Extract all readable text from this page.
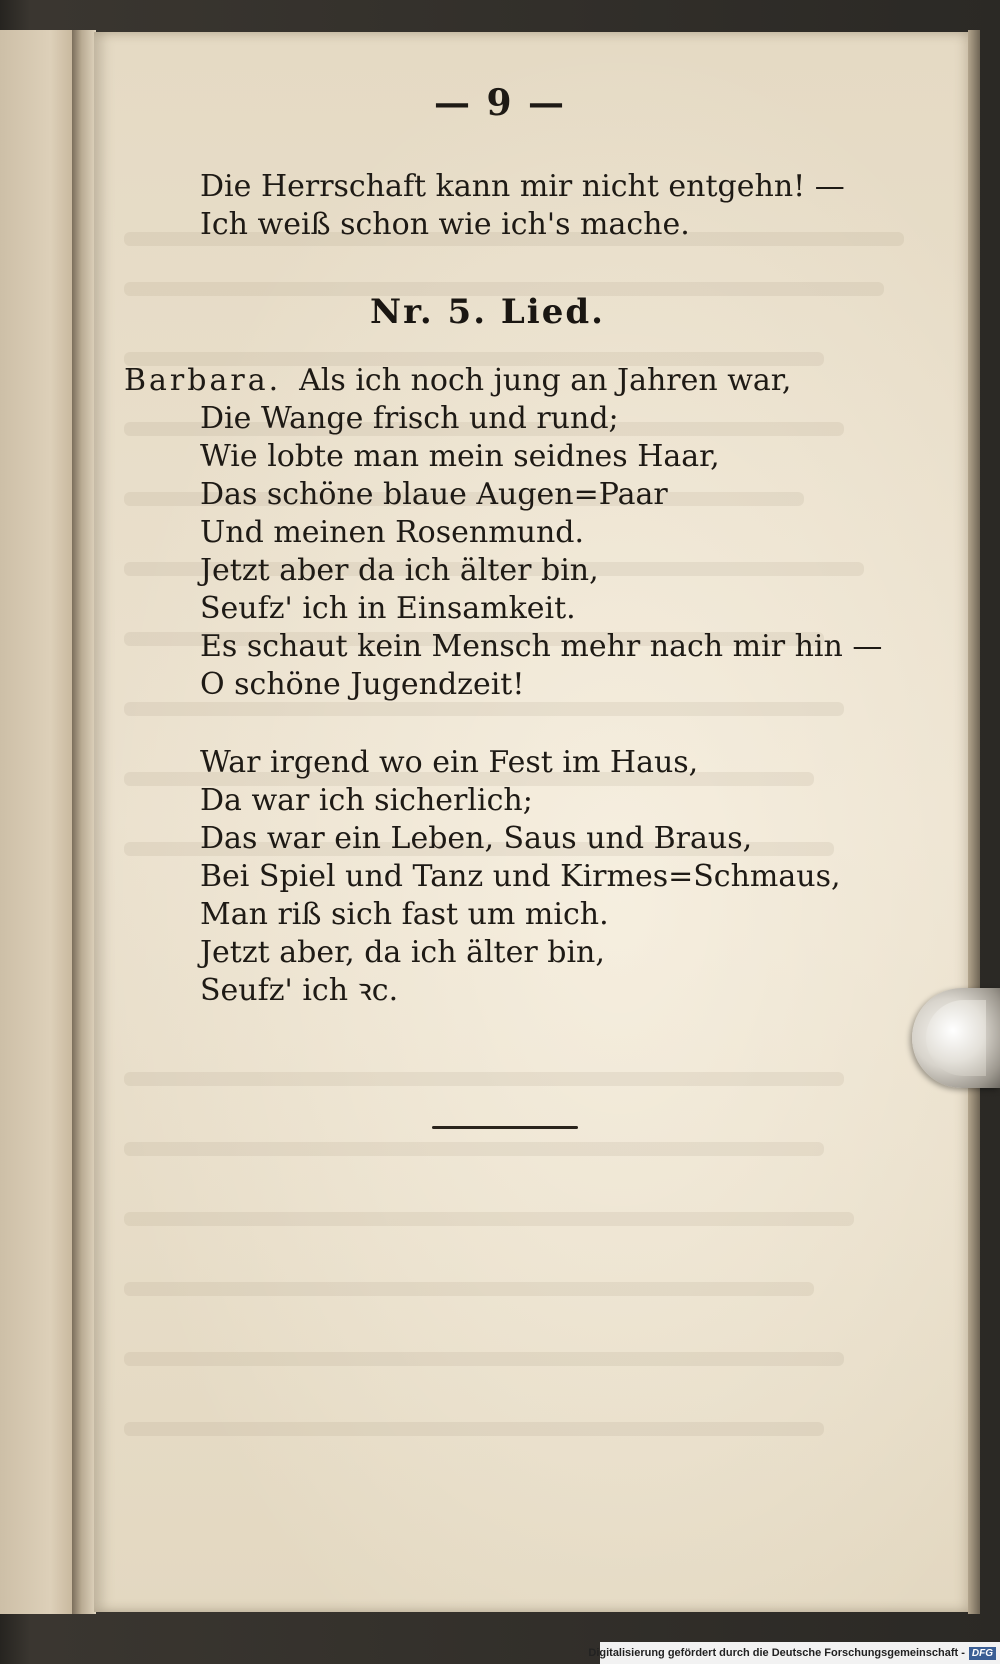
— 9 —
Die Herrschaft kann mir nicht entgehn! —
Ich weiß schon wie ich's mache.
Nr. 5. Lied.
Barbara. Als ich noch jung an Jahren war,
Die Wange frisch und rund;
Wie lobte man mein seidnes Haar,
Das schöne blaue Augen=Paar
Und meinen Rosenmund.
Jetzt aber da ich älter bin,
Seufz' ich in Einsamkeit.
Es schaut kein Mensch mehr nach mir hin —
O schöne Jugendzeit!
War irgend wo ein Fest im Haus,
Da war ich sicherlich;
Das war ein Leben, Saus und Braus,
Bei Spiel und Tanz und Kirmes=Schmaus,
Man riß sich fast um mich.
Jetzt aber, da ich älter bin,
Seufz' ich ꝛc.
Digitalisierung gefördert durch die Deutsche Forschungsgemeinschaft - DFG
